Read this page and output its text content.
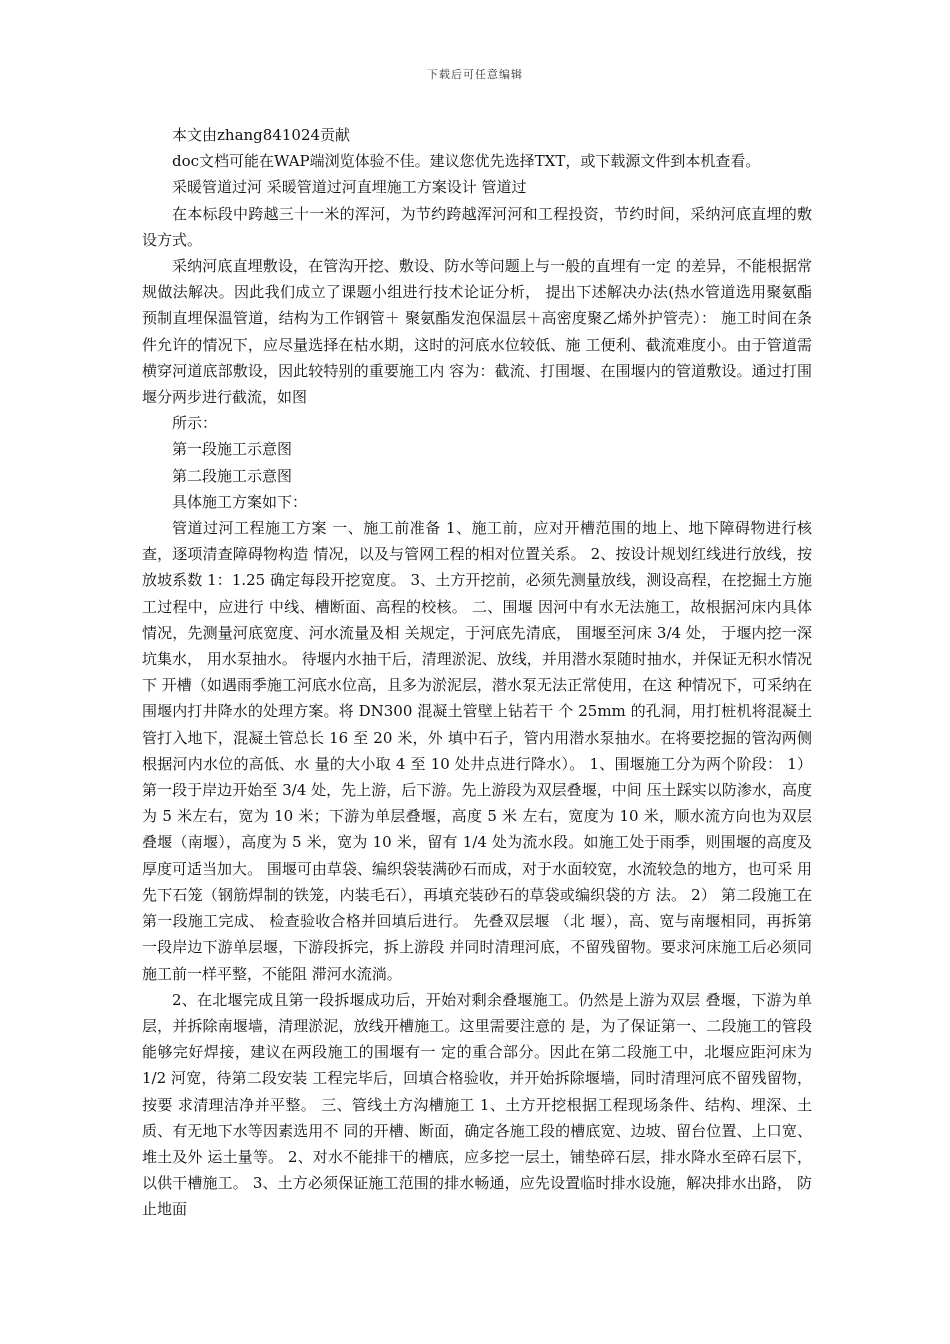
下载后可任意编辑

本文由zhang841024贡献

doc文档可能在WAP端浏览体验不佳。建议您优先选择TXT，或下载源文件到本机查看。

采暖管道过河 采暖管道过河直埋施工方案设计 管道过

在本标段中跨越三十一米的浑河，为节约跨越浑河河和工程投资，节约时间，采纳河底直埋的敷设方式。

采纳河底直埋敷设，在管沟开挖、敷设、防水等问题上与一般的直埋有一定 的差异，不能根据常规做法解决。因此我们成立了课题小组进行技术论证分析， 提出下述解决办法(热水管道选用聚氨酯预制直埋保温管道，结构为工作钢管＋ 聚氨酯发泡保温层＋高密度聚乙烯外护管壳）： 施工时间在条件允许的情况下，应尽量选择在枯水期，这时的河底水位较低、施 工便利、截流难度小。由于管道需横穿河道底部敷设，因此较特别的重要施工内 容为：截流、打围堰、在围堰内的管道敷设。通过打围堰分两步进行截流，如图

所示：

第一段施工示意图

第二段施工示意图

具体施工方案如下：

管道过河工程施工方案 一、施工前准备 1、施工前，应对开槽范围的地上、地下障碍物进行核查，逐项清查障碍物构造 情况，以及与管网工程的相对位置关系。 2、按设计规划红线进行放线，按放坡系数 1：1.25 确定每段开挖宽度。 3、土方开挖前，必须先测量放线，测设高程，在挖掘土方施工过程中，应进行 中线、槽断面、高程的校核。 二、围堰 因河中有水无法施工，故根据河床内具体情况，先测量河底宽度、河水流量及相 关规定，于河底先清底， 围堰至河床 3/4 处， 于堰内挖一深坑集水， 用水泵抽水。 待堰内水抽干后，清理淤泥、放线，并用潜水泵随时抽水，并保证无积水情况下 开槽（如遇雨季施工河底水位高，且多为淤泥层，潜水泵无法正常使用，在这 种情况下，可采纳在围堰内打井降水的处理方案。将 DN300 混凝土管壁上钻若干 个 25mm 的孔洞，用打桩机将混凝土管打入地下，混凝土管总长 16 至 20 米，外 填中石子，管内用潜水泵抽水。在将要挖掘的管沟两侧根据河内水位的高低、水 量的大小取 4 至 10 处井点进行降水）。 1、围堰施工分为两个阶段： 1）第一段于岸边开始至 3/4 处，先上游，后下游。先上游段为双层叠堰，中间 压土踩实以防渗水，高度为 5 米左右，宽为 10 米；下游为单层叠堰，高度 5 米 左右，宽度为 10 米，顺水流方向也为双层叠堰（南堰），高度为 5 米，宽为 10 米，留有 1/4 处为流水段。如施工处于雨季，则围堰的高度及厚度可适当加大。 围堰可由草袋、编织袋装满砂石而成，对于水面较宽，水流较急的地方，也可采 用先下石笼（钢筋焊制的铁笼，内装毛石），再填充装砂石的草袋或编织袋的方 法。 2） 第二段施工在第一段施工完成、 检查验收合格并回填后进行。 先叠双层堰 （北 堰），高、宽与南堰相同，再拆第一段岸边下游单层堰，下游段拆完，拆上游段 并同时清理河底，不留残留物。要求河床施工后必须同施工前一样平整，不能阻 滞河水流淌。

2、在北堰完成且第一段拆堰成功后，开始对剩余叠堰施工。仍然是上游为双层 叠堰，下游为单层，并拆除南堰墙，清理淤泥，放线开槽施工。这里需要注意的 是，为了保证第一、二段施工的管段能够完好焊接，建议在两段施工的围堰有一 定的重合部分。因此在第二段施工中，北堰应距河床为 1/2 河宽，待第二段安装 工程完毕后，回填合格验收，并开始拆除堰墙，同时清理河底不留残留物，按要 求清理洁净并平整。 三、管线土方沟槽施工 1、土方开挖根据工程现场条件、结构、埋深、土质、有无地下水等因素选用不 同的开槽、断面，确定各施工段的槽底宽、边坡、留台位置、上口宽、堆土及外 运土量等。 2、对水不能排干的槽底，应多挖一层土，铺垫碎石层，排水降水至碎石层下， 以供干槽施工。 3、土方必须保证施工范围的排水畅通，应先设置临时排水设施，解决排水出路， 防止地面
